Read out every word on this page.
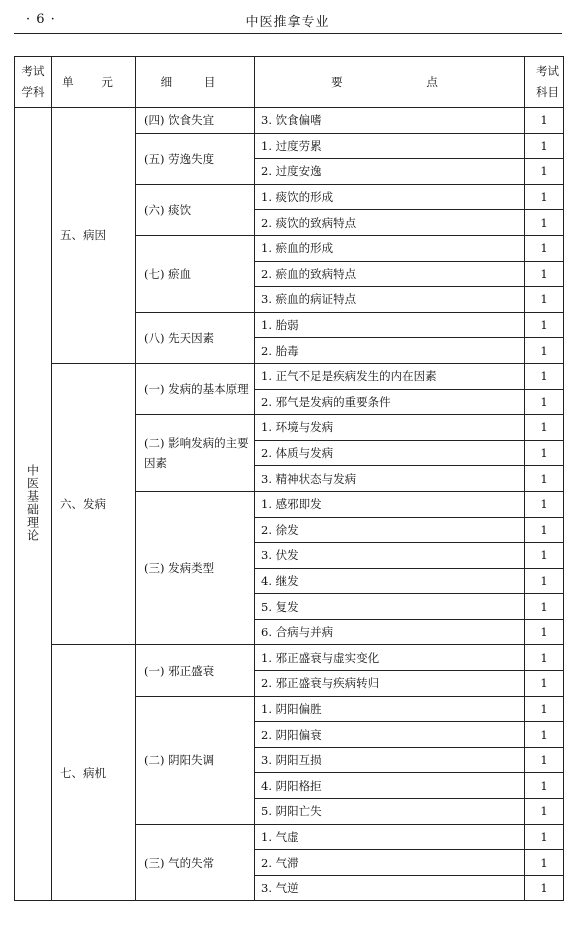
· 6 ·	中医推拿专业
考试
学科	单 元	细 目	要 点	考试
科目
中医基础理论	五、病因	(四) 饮食失宜	3. 饮食偏嗜	1
		(五) 劳逸失度	1. 过度劳累	1
			2. 过度安逸	1
		(六) 痰饮	1. 痰饮的形成	1
			2. 痰饮的致病特点	1
		(七) 瘀血	1. 瘀血的形成	1
			2. 瘀血的致病特点	1
			3. 瘀血的病证特点	1
		(八) 先天因素	1. 胎弱	1
			2. 胎毒	1
	六、发病	(一) 发病的基本原理	1. 正气不足是疾病发生的内在因素	1
			2. 邪气是发病的重要条件	1
		(二) 影响发病的主要因素	1. 环境与发病	1
			2. 体质与发病	1
			3. 精神状态与发病	1
		(三) 发病类型	1. 感邪即发	1
			2. 徐发	1
			3. 伏发	1
			4. 继发	1
			5. 复发	1
			6. 合病与并病	1
	七、病机	(一) 邪正盛衰	1. 邪正盛衰与虚实变化	1
			2. 邪正盛衰与疾病转归	1
		(二) 阴阳失调	1. 阴阳偏胜	1
			2. 阴阳偏衰	1
			3. 阴阳互损	1
			4. 阴阳格拒	1
			5. 阴阳亡失	1
		(三) 气的失常	1. 气虚	1
			2. 气滞	1
			3. 气逆	1
